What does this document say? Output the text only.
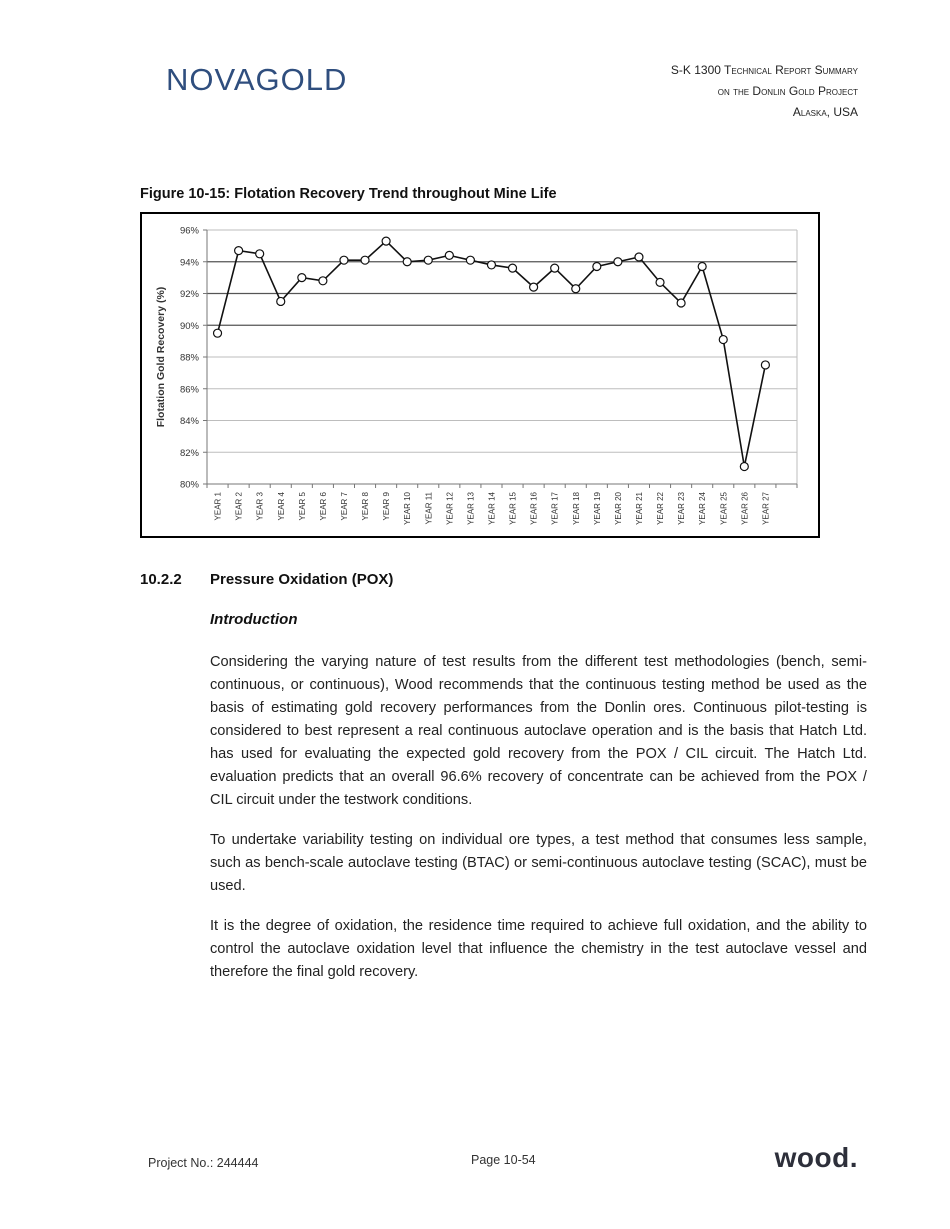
NOVAGOLD	S-K 1300 Technical Report Summary
on the Donlin Gold Project
Alaska, USA
Figure 10-15: Flotation Recovery Trend throughout Mine Life
80%
82%
84%
86%
88%
90%
92%
94%
96%
YEAR 1 YEAR 2 YEAR 3 YEAR 4 YEAR 5 YEAR 6 YEAR 7 YEAR 8 YEAR 9 YEAR 10 YEAR 11 YEAR 12 YEAR 13 YEAR 14 YEAR 15 YEAR 16 YEAR 17 YEAR 18 YEAR 19 YEAR 20 YEAR 21 YEAR 22 YEAR 23 YEAR 24 YEAR 25 YEAR 26 YEAR 27
Flotation Gold Recovery (%)
10.2.2 Pressure Oxidation (POX)
Introduction
Considering the varying nature of test results from the different test methodologies (bench, semi-continuous, or continuous), Wood recommends that the continuous testing method be used as the basis of estimating gold recovery performances from the Donlin ores. Continuous pilot-testing is considered to best represent a real continuous autoclave operation and is the basis that Hatch Ltd. has used for evaluating the expected gold recovery from the POX / CIL circuit. The Hatch Ltd. evaluation predicts that an overall 96.6% recovery of concentrate can be achieved from the POX / CIL circuit under the testwork conditions.
To undertake variability testing on individual ore types, a test method that consumes less sample, such as bench-scale autoclave testing (BTAC) or semi-continuous autoclave testing (SCAC), must be used.
It is the degree of oxidation, the residence time required to achieve full oxidation, and the ability to control the autoclave oxidation level that influence the chemistry in the test autoclave vessel and therefore the final gold recovery.
Project No.: 244444	Page 10-54	wood.
